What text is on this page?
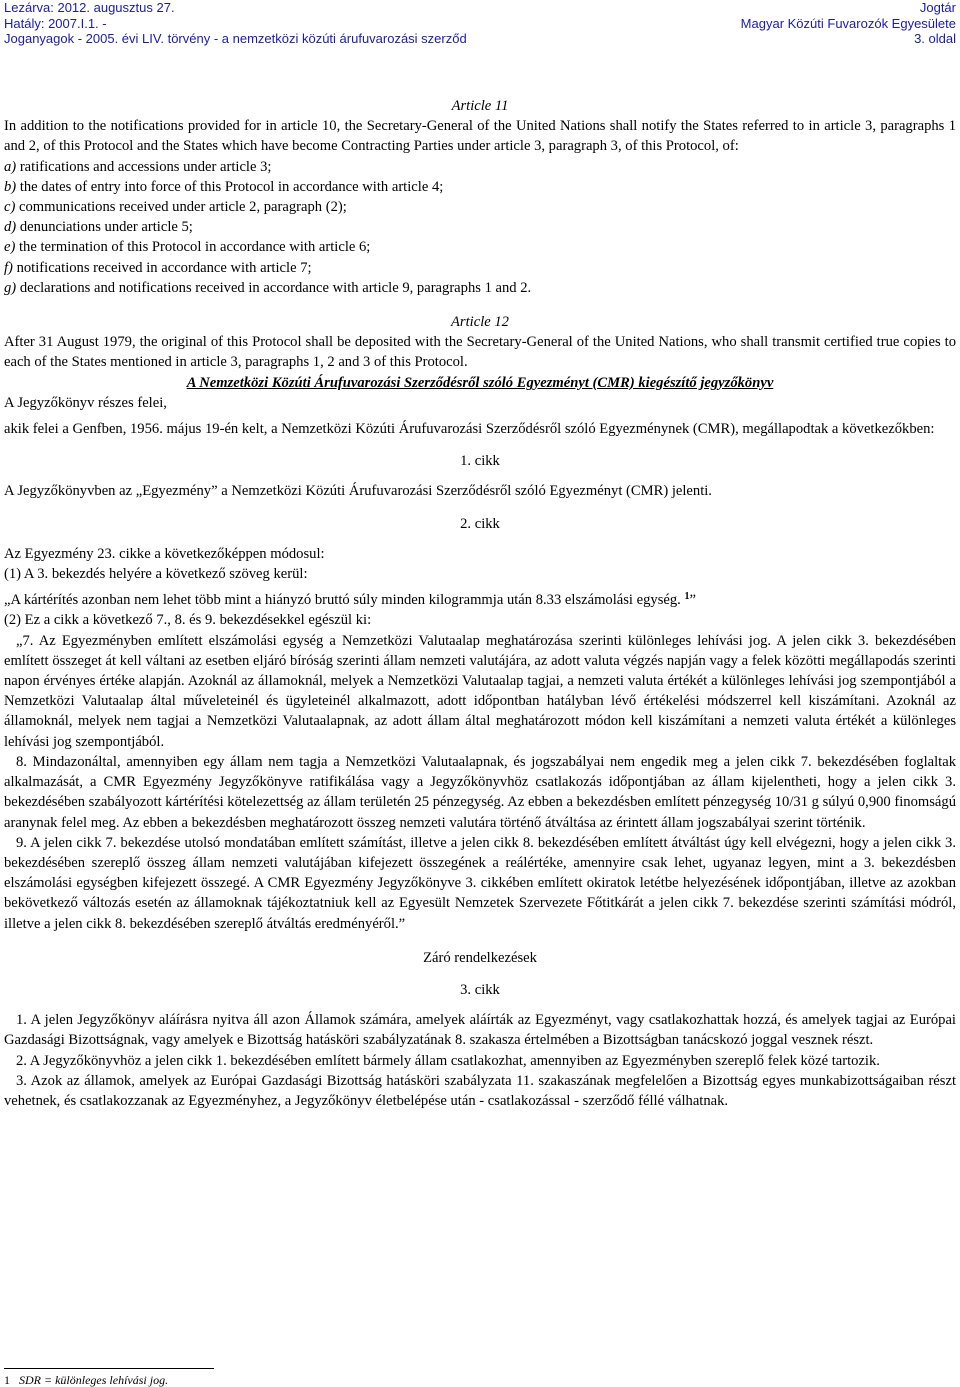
Lezárva: 2012. augusztus 27.
Hatály: 2007.I.1. -
Joganyagok - 2005. évi LIV. törvény - a nemzetközi közúti árufuvarozási szerződ
Jogtár
Magyar Közúti Fuvarozók Egyesülete
3. oldal

Article 11

In addition to the notifications provided for in article 10, the Secretary-General of the United Nations shall notify the States referred to in article 3, paragraphs 1 and 2, of this Protocol and the States which have become Contracting Parties under article 3, paragraph 3, of this Protocol, of:

a) ratifications and accessions under article 3;

b) the dates of entry into force of this Protocol in accordance with article 4;

c) communications received under article 2, paragraph (2);

d) denunciations under article 5;

e) the termination of this Protocol in accordance with article 6;

f) notifications received in accordance with article 7;

g) declarations and notifications received in accordance with article 9, paragraphs 1 and 2.

Article 12

After 31 August 1979, the original of this Protocol shall be deposited with the Secretary-General of the United Nations, who shall transmit certified true copies to each of the States mentioned in article 3, paragraphs 1, 2 and 3 of this Protocol.

A Nemzetközi Közúti Árufuvarozási Szerződésről szóló Egyezményt (CMR) kiegészítő jegyzőkönyv

A Jegyzőkönyv részes felei,

akik felei a Genfben, 1956. május 19-én kelt, a Nemzetközi Közúti Árufuvarozási Szerződésről szóló Egyezménynek (CMR), megállapodtak a következőkben:

1. cikk

A Jegyzőkönyvben az „Egyezmény” a Nemzetközi Közúti Árufuvarozási Szerződésről szóló Egyezményt (CMR) jelenti.

2. cikk

Az Egyezmény 23. cikke a következőképpen módosul:

(1) A 3. bekezdés helyére a következő szöveg kerül:

„A kártérítés azonban nem lehet több mint a hiányzó bruttó súly minden kilogrammja után 8.33 elszámolási egység. $^1$”

(2) Ez a cikk a következő 7., 8. és 9. bekezdésekkel egészül ki:

„7. Az Egyezményben említett elszámolási egység a Nemzetközi Valutaalap meghatározása szerinti különleges lehívási jog. A jelen cikk 3. bekezdésében említett összeget át kell váltani az esetben eljáró bíróság szerinti állam nemzeti valutájára, az adott valuta végzés napján vagy a felek közötti megállapodás szerinti napon érvényes értéke alapján. Azoknál az államoknál, melyek a Nemzetközi Valutaalap tagjai, a nemzeti valuta értékét a különleges lehívási jog szempontjából a Nemzetközi Valutaalap által műveleteinél és ügyleteinél alkalmazott, adott időpontban hatályban lévő értékelési módszerrel kell kiszámítani. Azoknál az államoknál, melyek nem tagjai a Nemzetközi Valutaalapnak, az adott állam által meghatározott módon kell kiszámítani a nemzeti valuta értékét a különleges lehívási jog szempontjából.

8. Mindazonáltal, amennyiben egy állam nem tagja a Nemzetközi Valutaalapnak, és jogszabályai nem engedik meg a jelen cikk 7. bekezdésében foglaltak alkalmazását, a CMR Egyezmény Jegyzőkönyve ratifikálása vagy a Jegyzőkönyvhöz csatlakozás időpontjában az állam kijelentheti, hogy a jelen cikk 3. bekezdésében szabályozott kártérítési kötelezettség az állam területén 25 pénzegység. Az ebben a bekezdésben említett pénzegység 10/31 g súlyú 0,900 finomságú aranynak felel meg. Az ebben a bekezdésben meghatározott összeg nemzeti valutára történő átváltása az érintett állam jogszabályai szerint történik.

9. A jelen cikk 7. bekezdése utolsó mondatában említett számítást, illetve a jelen cikk 8. bekezdésében említett átváltást úgy kell elvégezni, hogy a jelen cikk 3. bekezdésében szereplő összeg állam nemzeti valutájában kifejezett összegének a reálértéke, amennyire csak lehet, ugyanaz legyen, mint a 3. bekezdésben elszámolási egységben kifejezett összegé. A CMR Egyezmény Jegyzőkönyve 3. cikkében említett okiratok letétbe helyezésének időpontjában, illetve az azokban bekövetkező változás esetén az államoknak tájékoztatniuk kell az Egyesült Nemzetek Szervezete Főtitkárát a jelen cikk 7. bekezdése szerinti számítási módról, illetve a jelen cikk 8. bekezdésében szereplő átváltás eredményéről.”

Záró rendelkezések

3. cikk

1. A jelen Jegyzőkönyv aláírásra nyitva áll azon Államok számára, amelyek aláírták az Egyezményt, vagy csatlakozhattak hozzá, és amelyek tagjai az Európai Gazdasági Bizottságnak, vagy amelyek e Bizottság hatásköri szabályzatának 8. szakasza értelmében a Bizottságban tanácskozó joggal vesznek részt.

2. A Jegyzőkönyvhöz a jelen cikk 1. bekezdésében említett bármely állam csatlakozhat, amennyiben az Egyezményben szereplő felek közé tartozik.

3. Azok az államok, amelyek az Európai Gazdasági Bizottság hatásköri szabályzata 11. szakaszának megfelelően a Bizottság egyes munkabizottságaiban részt vehetnek, és csatlakozzanak az Egyezményhez, a Jegyzőkönyv életbelépése után - csatlakozással - szerződő féllé válhatnak.

1 SDR = különleges lehívási jog.
